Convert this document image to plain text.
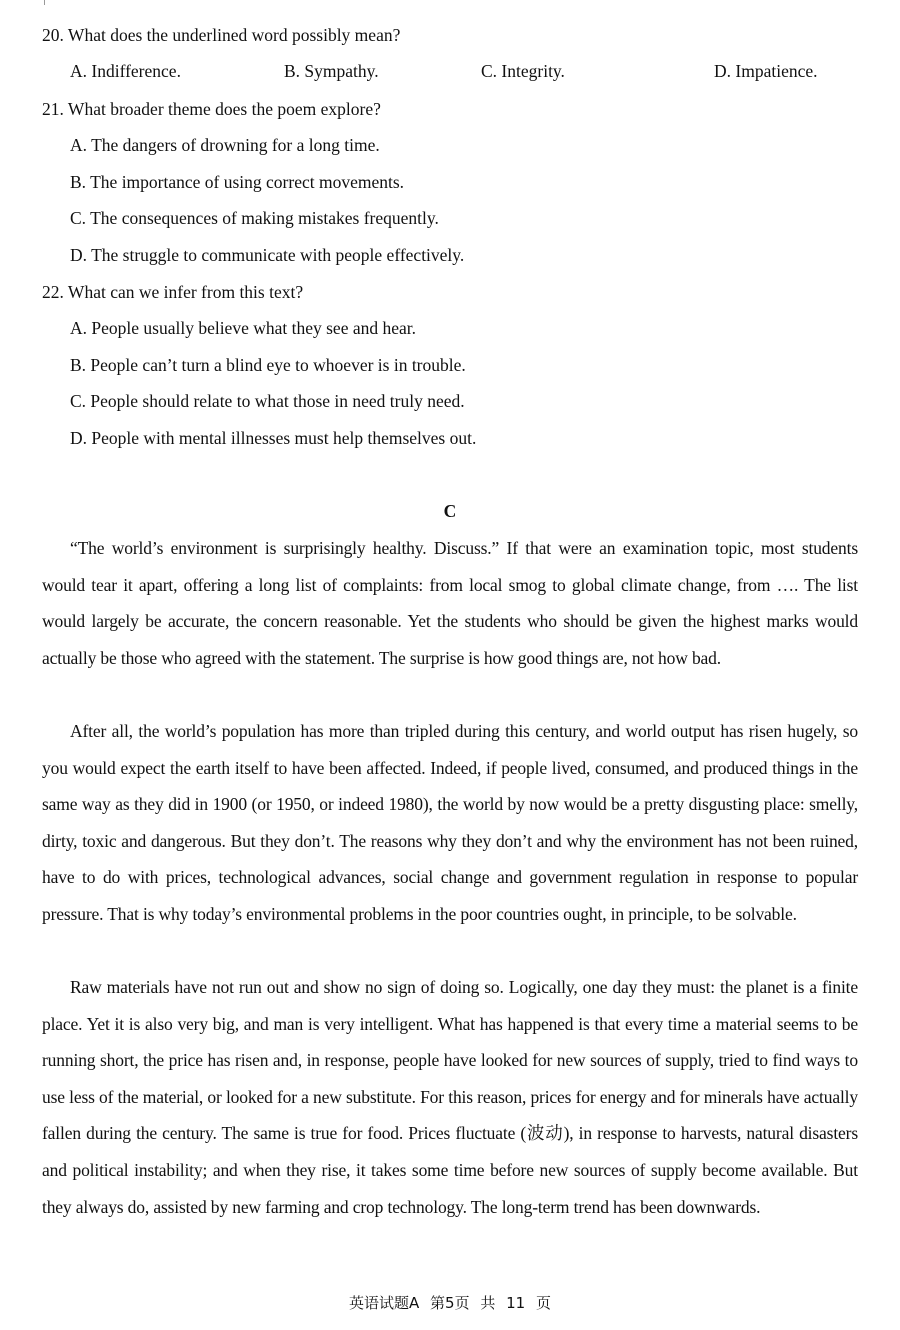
20. What does the underlined word possibly mean?
A. Indifference.	B. Sympathy.	C. Integrity.	D. Impatience.
21. What broader theme does the poem explore?
A. The dangers of drowning for a long time.
B. The importance of using correct movements.
C. The consequences of making mistakes frequently.
D. The struggle to communicate with people effectively.
22. What can we infer from this text?
A. People usually believe what they see and hear.
B. People can’t turn a blind eye to whoever is in trouble.
C. People should relate to what those in need truly need.
D. People with mental illnesses must help themselves out.
C
“The world’s environment is surprisingly healthy. Discuss.” If that were an examination topic, most students would tear it apart, offering a long list of complaints: from local smog to global climate change, from …. The list would largely be accurate, the concern reasonable. Yet the students who should be given the highest marks would actually be those who agreed with the statement. The surprise is how good things are, not how bad.
After all, the world’s population has more than tripled during this century, and world output has risen hugely, so you would expect the earth itself to have been affected. Indeed, if people lived, consumed, and produced things in the same way as they did in 1900 (or 1950, or indeed 1980), the world by now would be a pretty disgusting place: smelly, dirty, toxic and dangerous. But they don’t. The reasons why they don’t and why the environment has not been ruined, have to do with prices, technological advances, social change and government regulation in response to popular pressure. That is why today’s environmental problems in the poor countries ought, in principle, to be solvable.
Raw materials have not run out and show no sign of doing so. Logically, one day they must: the planet is a finite place. Yet it is also very big, and man is very intelligent. What has happened is that every time a material seems to be running short, the price has risen and, in response, people have looked for new sources of supply, tried to find ways to use less of the material, or looked for a new substitute. For this reason, prices for energy and for minerals have actually fallen during the century. The same is true for food. Prices fluctuate (波动), in response to harvests, natural disasters and political instability; and when they rise, it takes some time before new sources of supply become available. But they always do, assisted by new farming and crop technology. The long-term trend has been downwards.
英语试题A 第5页 共 11 页
